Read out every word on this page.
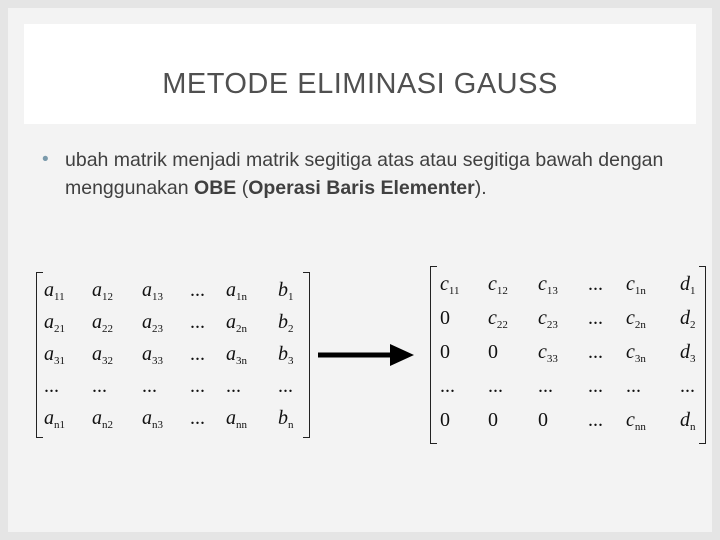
METODE ELIMINASI GAUSS
• ubah matrik menjadi matrik segitiga atas atau segitiga bawah dengan menggunakan OBE (Operasi Baris Elementer).
$a_{11}$ $a_{12}$ $a_{13}$ ... $a_{1n}$ $b_1$
$a_{21}$ $a_{22}$ $a_{23}$ ... $a_{2n}$ $b_2$
$a_{31}$ $a_{32}$ $a_{33}$ ... $a_{3n}$ $b_3$
... ... ... ... ... ...
$a_{n1}$ $a_{n2}$ $a_{n3}$ ... $a_{nn}$ $b_n$
$c_{11}$ $c_{12}$ $c_{13}$ ... $c_{1n}$ $d_1$
0 $c_{22}$ $c_{23}$ ... $c_{2n}$ $d_2$
0 0 $c_{33}$ ... $c_{3n}$ $d_3$
... ... ... ... ... ...
0 0 0 ... $c_{nn}$ $d_n$
